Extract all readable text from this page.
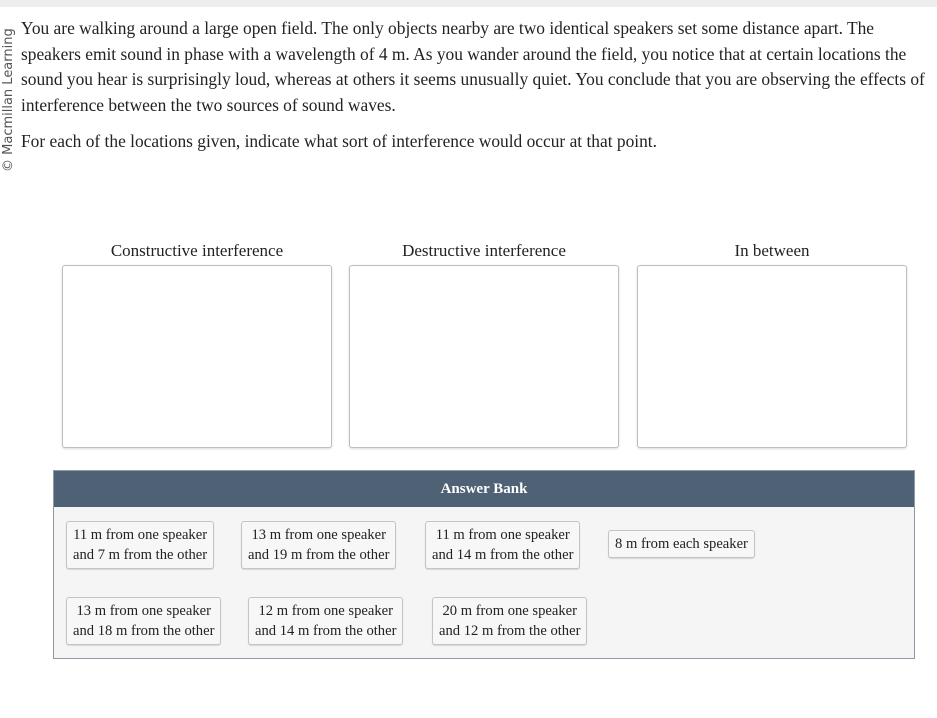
© Macmillan Learning

You are walking around a large open field. The only objects nearby are two identical speakers set some distance apart. The speakers emit sound in phase with a wavelength of 4 m. As you wander around the field, you notice that at certain locations the sound you hear is surprisingly loud, whereas at others it seems unusually quiet. You conclude that you are observing the effects of interference between the two sources of sound waves.

For each of the locations given, indicate what sort of interference would occur at that point.

Constructive interference	Destructive interference	In between
Answer Bank
11 m from one speaker
and 7 m from the other
13 m from one speaker
and 19 m from the other
11 m from one speaker
and 14 m from the other
8 m from each speaker
13 m from one speaker
and 18 m from the other
12 m from one speaker
and 14 m from the other
20 m from one speaker
and 12 m from the other
